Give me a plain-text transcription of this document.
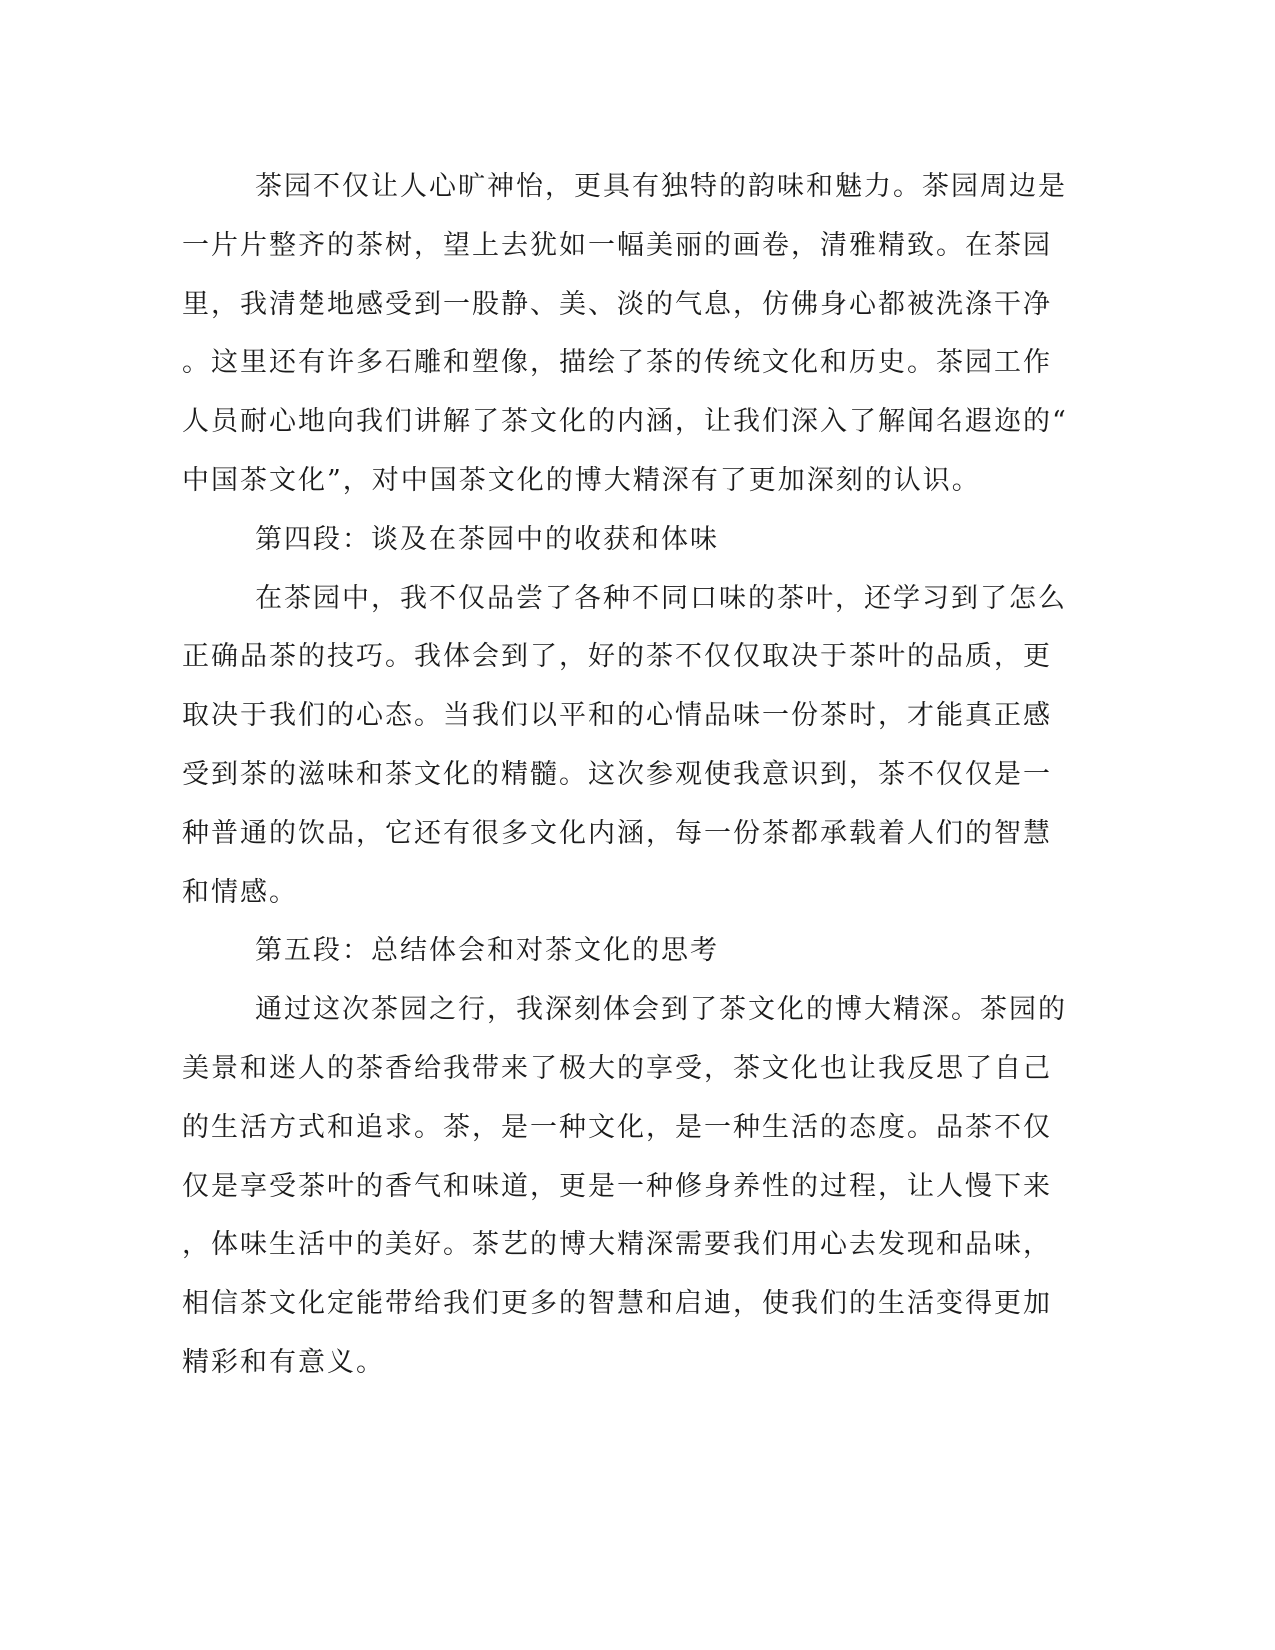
茶园不仅让人心旷神怡，更具有独特的韵味和魅力。茶园周边是
一片片整齐的茶树，望上去犹如一幅美丽的画卷，清雅精致。在茶园
里，我清楚地感受到一股静、美、淡的气息，仿佛身心都被洗涤干净
。这里还有许多石雕和塑像，描绘了茶的传统文化和历史。茶园工作
人员耐心地向我们讲解了茶文化的内涵，让我们深入了解闻名遐迩的“
中国茶文化”，对中国茶文化的博大精深有了更加深刻的认识。

第四段：谈及在茶园中的收获和体味

在茶园中，我不仅品尝了各种不同口味的茶叶，还学习到了怎么
正确品茶的技巧。我体会到了，好的茶不仅仅取决于茶叶的品质，更
取决于我们的心态。当我们以平和的心情品味一份茶时，才能真正感
受到茶的滋味和茶文化的精髓。这次参观使我意识到，茶不仅仅是一
种普通的饮品，它还有很多文化内涵，每一份茶都承载着人们的智慧
和情感。

第五段：总结体会和对茶文化的思考

通过这次茶园之行，我深刻体会到了茶文化的博大精深。茶园的
美景和迷人的茶香给我带来了极大的享受，茶文化也让我反思了自己
的生活方式和追求。茶，是一种文化，是一种生活的态度。品茶不仅
仅是享受茶叶的香气和味道，更是一种修身养性的过程，让人慢下来
，体味生活中的美好。茶艺的博大精深需要我们用心去发现和品味，
相信茶文化定能带给我们更多的智慧和启迪，使我们的生活变得更加
精彩和有意义。
